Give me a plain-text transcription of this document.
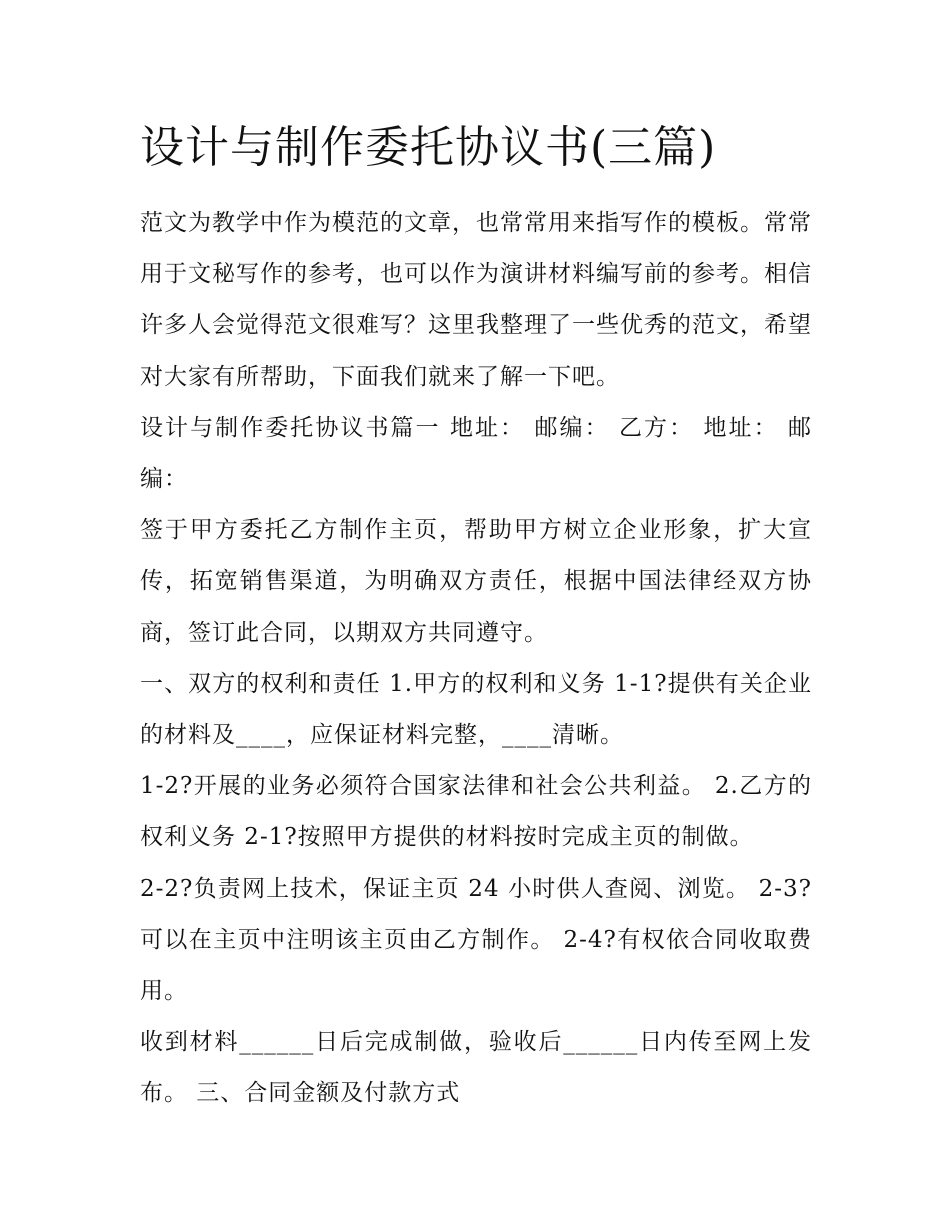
设计与制作委托协议书(三篇)

范文为教学中作为模范的文章，也常常用来指写作的模板。常常用于文秘写作的参考，也可以作为演讲材料编写前的参考。相信许多人会觉得范文很难写？这里我整理了一些优秀的范文，希望对大家有所帮助，下面我们就来了解一下吧。

设计与制作委托协议书篇一 地址： 邮编： 乙方： 地址： 邮编：

签于甲方委托乙方制作主页，帮助甲方树立企业形象，扩大宣传，拓宽销售渠道，为明确双方责任，根据中国法律经双方协商，签订此合同，以期双方共同遵守。

一、双方的权利和责任 1.甲方的权利和义务 1-1?提供有关企业的材料及____，应保证材料完整，____清晰。

1-2?开展的业务必须符合国家法律和社会公共利益。 2.乙方的权利义务 2-1?按照甲方提供的材料按时完成主页的制做。

2-2?负责网上技术，保证主页 24 小时供人查阅、浏览。 2-3?可以在主页中注明该主页由乙方制作。 2-4?有权依合同收取费用。

收到材料______日后完成制做，验收后______日内传至网上发布。 三、合同金额及付款方式
